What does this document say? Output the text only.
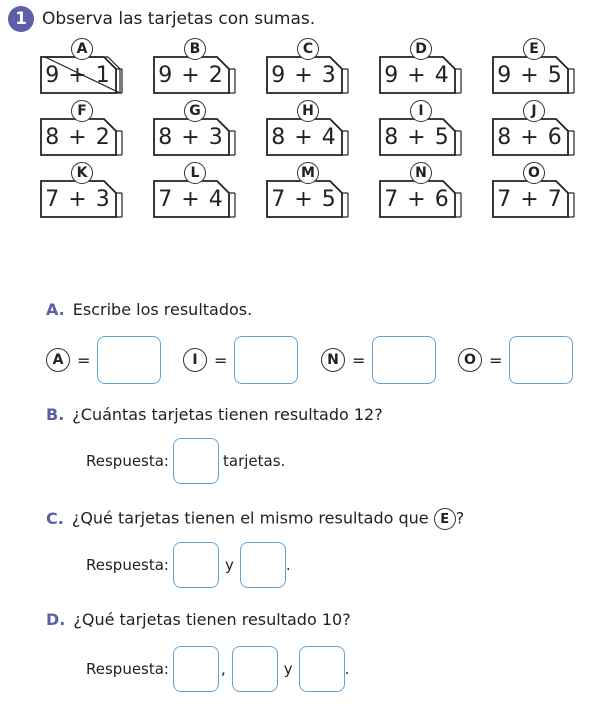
1 Observa las tarjetas con sumas.
A
9 + 1
B
9 + 2
C
9 + 3
D
9 + 4
E
9 + 5
F
8 + 2
G
8 + 3
H
8 + 4
I
8 + 5
J
8 + 6
K
7 + 3
L
7 + 4
M
7 + 5
N
7 + 6
O
7 + 7
A. Escribe los resultados.
A =	I	=	N =	O =
B. ¿Cuántas tarjetas tienen resultado 12?
Respuesta:	tarjetas.
C. ¿Qué tarjetas tienen el mismo resultado que E ?
Respuesta:	y	.
D. ¿Qué tarjetas tienen resultado 10?
Respuesta:	,	y	.
